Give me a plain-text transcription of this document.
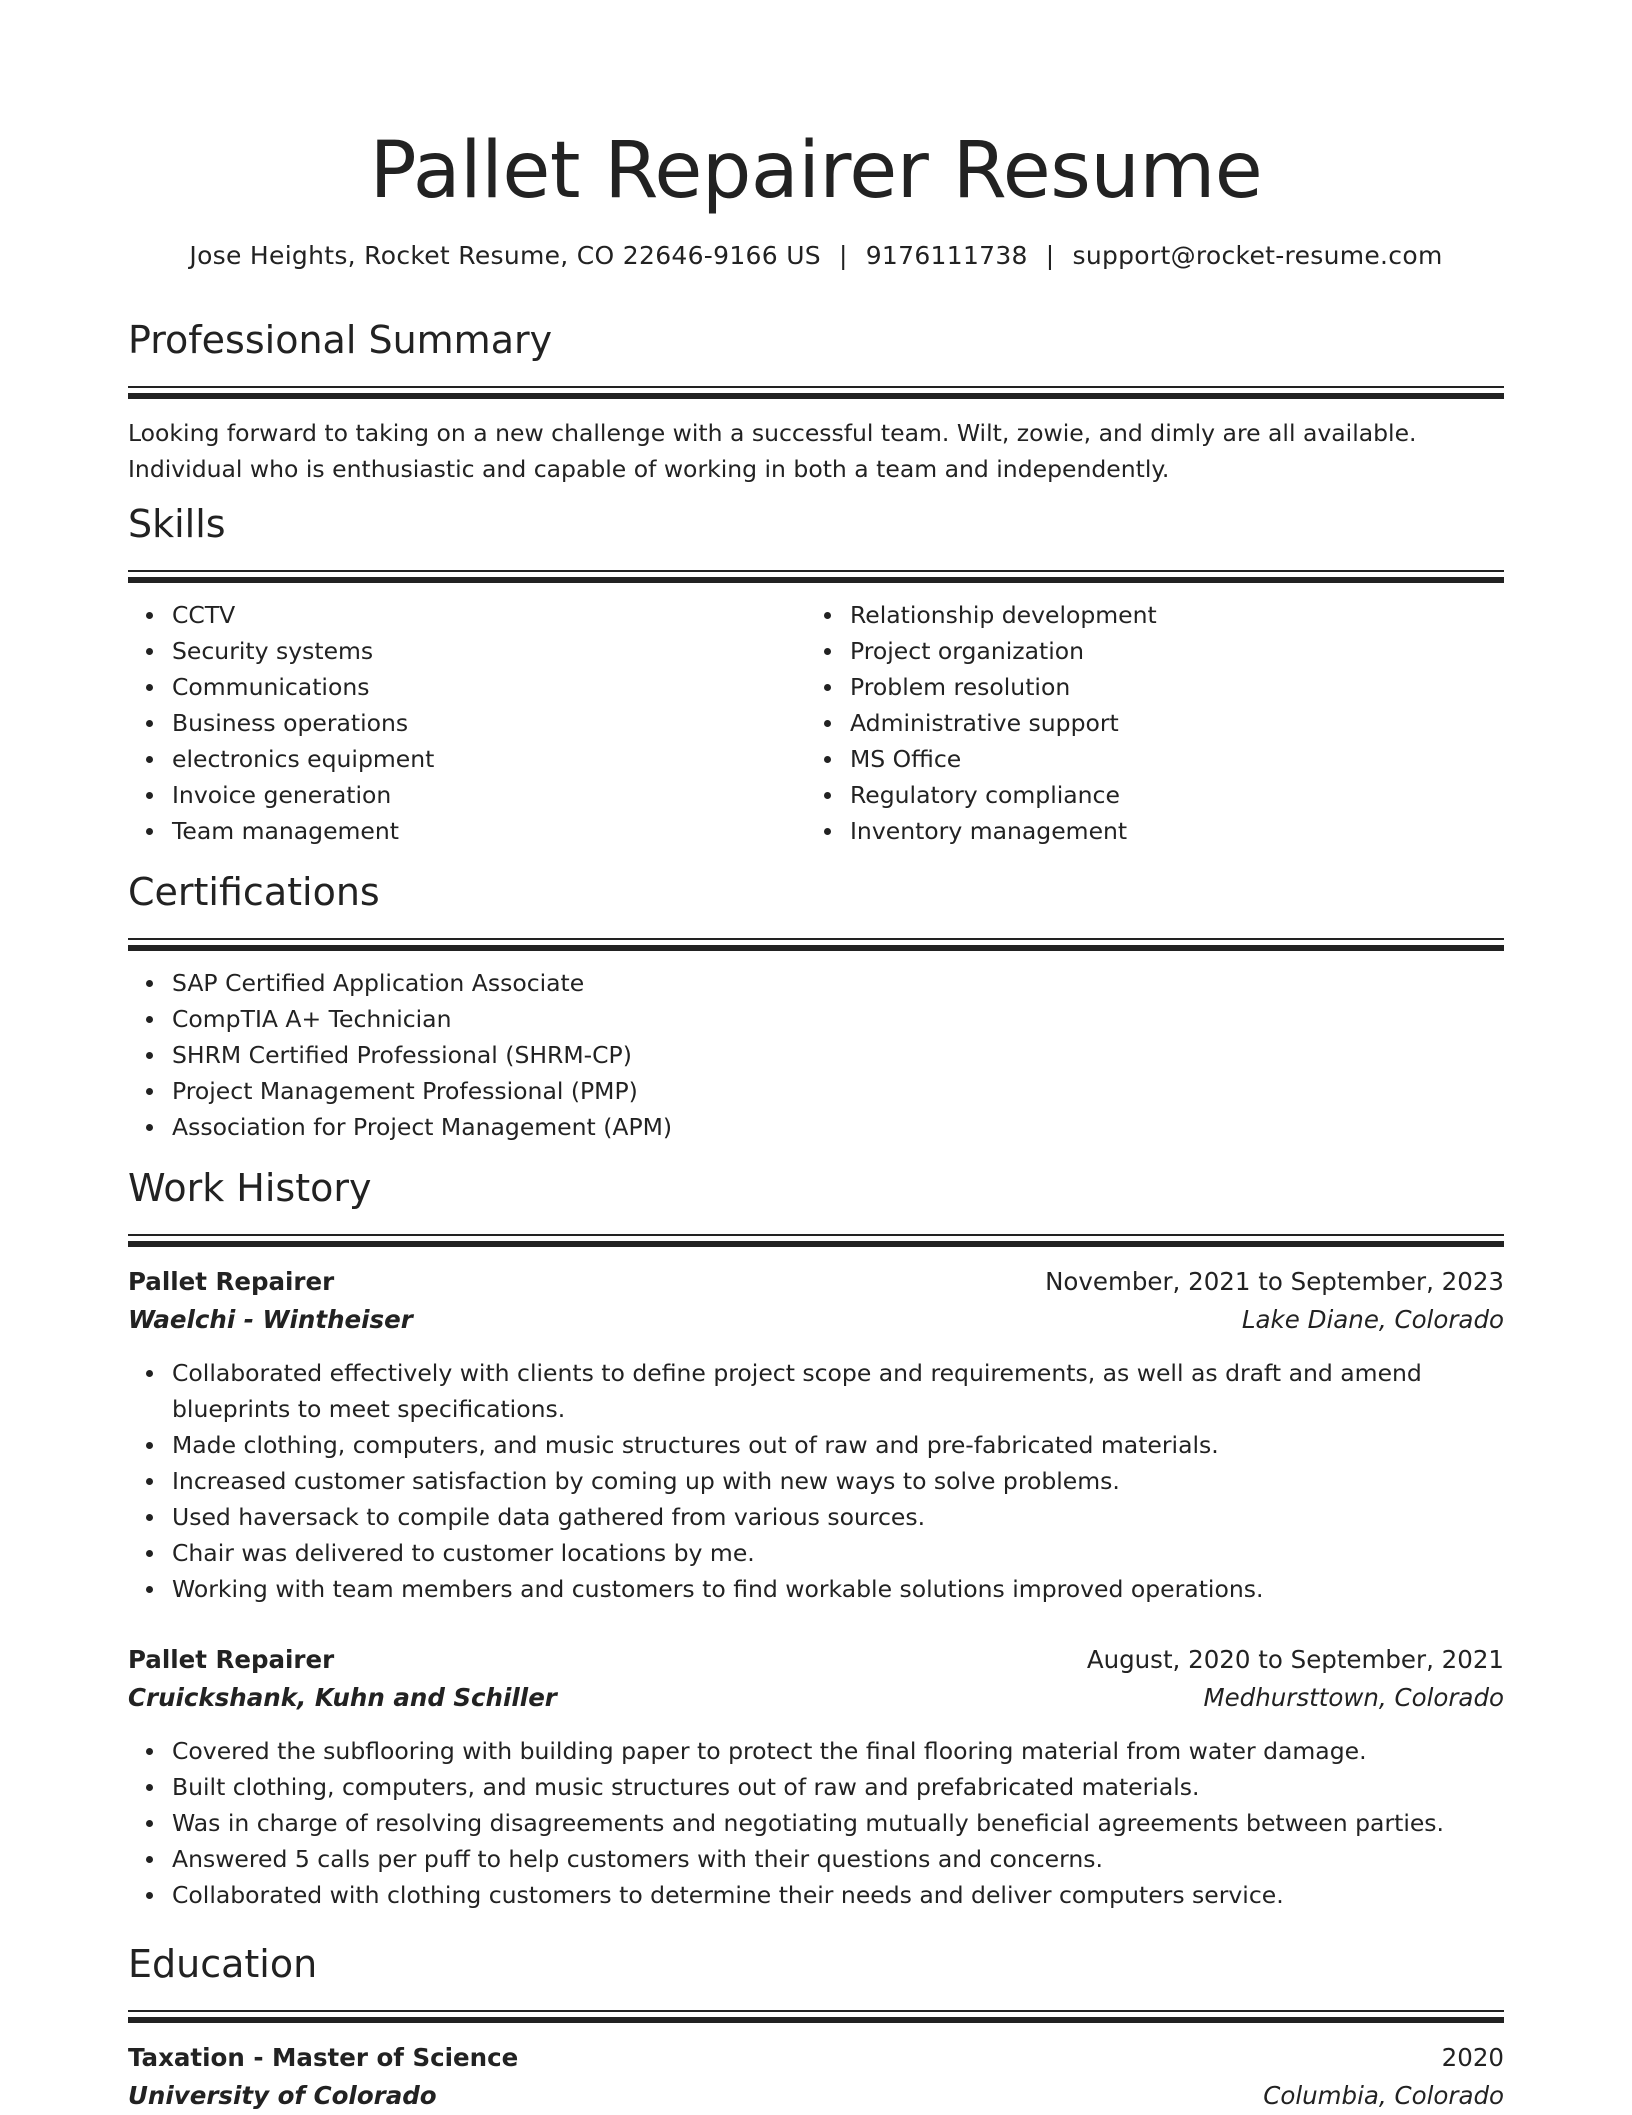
Pallet Repairer Resume
Jose Heights, Rocket Resume, CO 22646-9166 US | 9176111738 | support@rocket-resume.com
Professional Summary

Looking forward to taking on a new challenge with a successful team. Wilt, zowie, and dimly are all available. Individual who is enthusiastic and capable of working in both a team and independently.

Skills
CCTV
Security systems
Communications
Business operations
electronics equipment
Invoice generation
Team management
Relationship development
Project organization
Problem resolution
Administrative support
MS Office
Regulatory compliance
Inventory management
Certifications
SAP Certified Application Associate
CompTIA A+ Technician
SHRM Certified Professional (SHRM-CP)
Project Management Professional (PMP)
Association for Project Management (APM)
Work History
Pallet Repairer	November, 2021 to September, 2023
Waelchi - Wintheiser	Lake Diane, Colorado
Collaborated effectively with clients to define project scope and requirements, as well as draft and amend blueprints to meet specifications.
Made clothing, computers, and music structures out of raw and pre-fabricated materials.
Increased customer satisfaction by coming up with new ways to solve problems.
Used haversack to compile data gathered from various sources.
Chair was delivered to customer locations by me.
Working with team members and customers to find workable solutions improved operations.
Pallet Repairer	August, 2020 to September, 2021
Cruickshank, Kuhn and Schiller	Medhursttown, Colorado
Covered the subflooring with building paper to protect the final flooring material from water damage.
Built clothing, computers, and music structures out of raw and prefabricated materials.
Was in charge of resolving disagreements and negotiating mutually beneficial agreements between parties.
Answered 5 calls per puff to help customers with their questions and concerns.
Collaborated with clothing customers to determine their needs and deliver computers service.
Education
Taxation - Master of Science	2020
University of Colorado	Columbia, Colorado
